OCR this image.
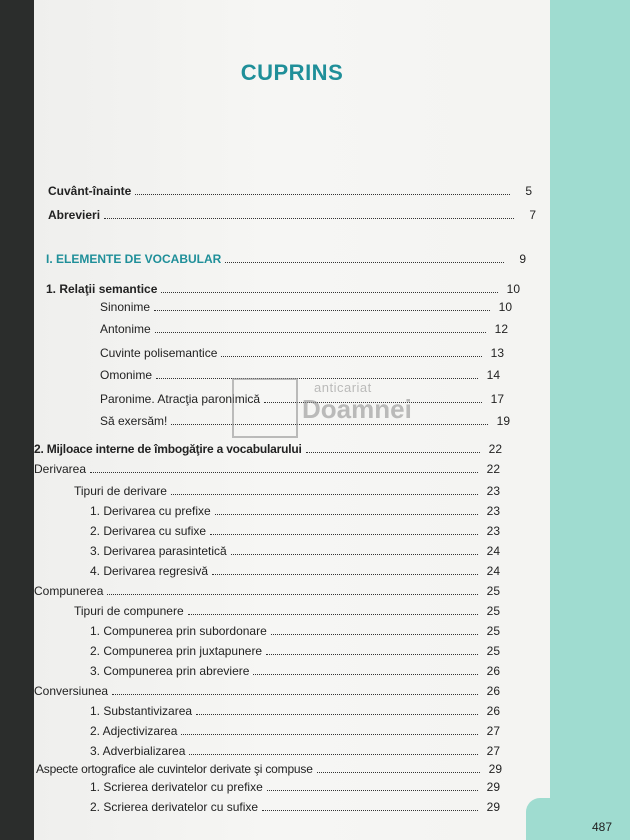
487
CUPRINS
Cuvânt-înainte	5
Abrevieri	7
I. ELEMENTE DE VOCABULAR	9
1. Relaţii semantice	10
Sinonime	10
Antonime	12
Cuvinte polisemantice	13
Omonime	14
Paronime. Atracţia paronimică	17
Să exersăm!	19
2. Mijloace interne de îmbogăţire a vocabularului	22
Derivarea	22
Tipuri de derivare	23
1. Derivarea cu prefixe	23
2. Derivarea cu sufixe	23
3. Derivarea parasintetică	24
4. Derivarea regresivă	24
Compunerea	25
Tipuri de compunere	25
1. Compunerea prin subordonare	25
2. Compunerea prin juxtapunere	25
3. Compunerea prin abreviere	26
Conversiunea	26
1. Substantivizarea	26
2. Adjectivizarea	27
3. Adverbializarea	27
Aspecte ortografice ale cuvintelor derivate şi compuse	29
1. Scrierea derivatelor cu prefixe	29
2. Scrierea derivatelor cu sufixe	29
anticariat
Doamnei
